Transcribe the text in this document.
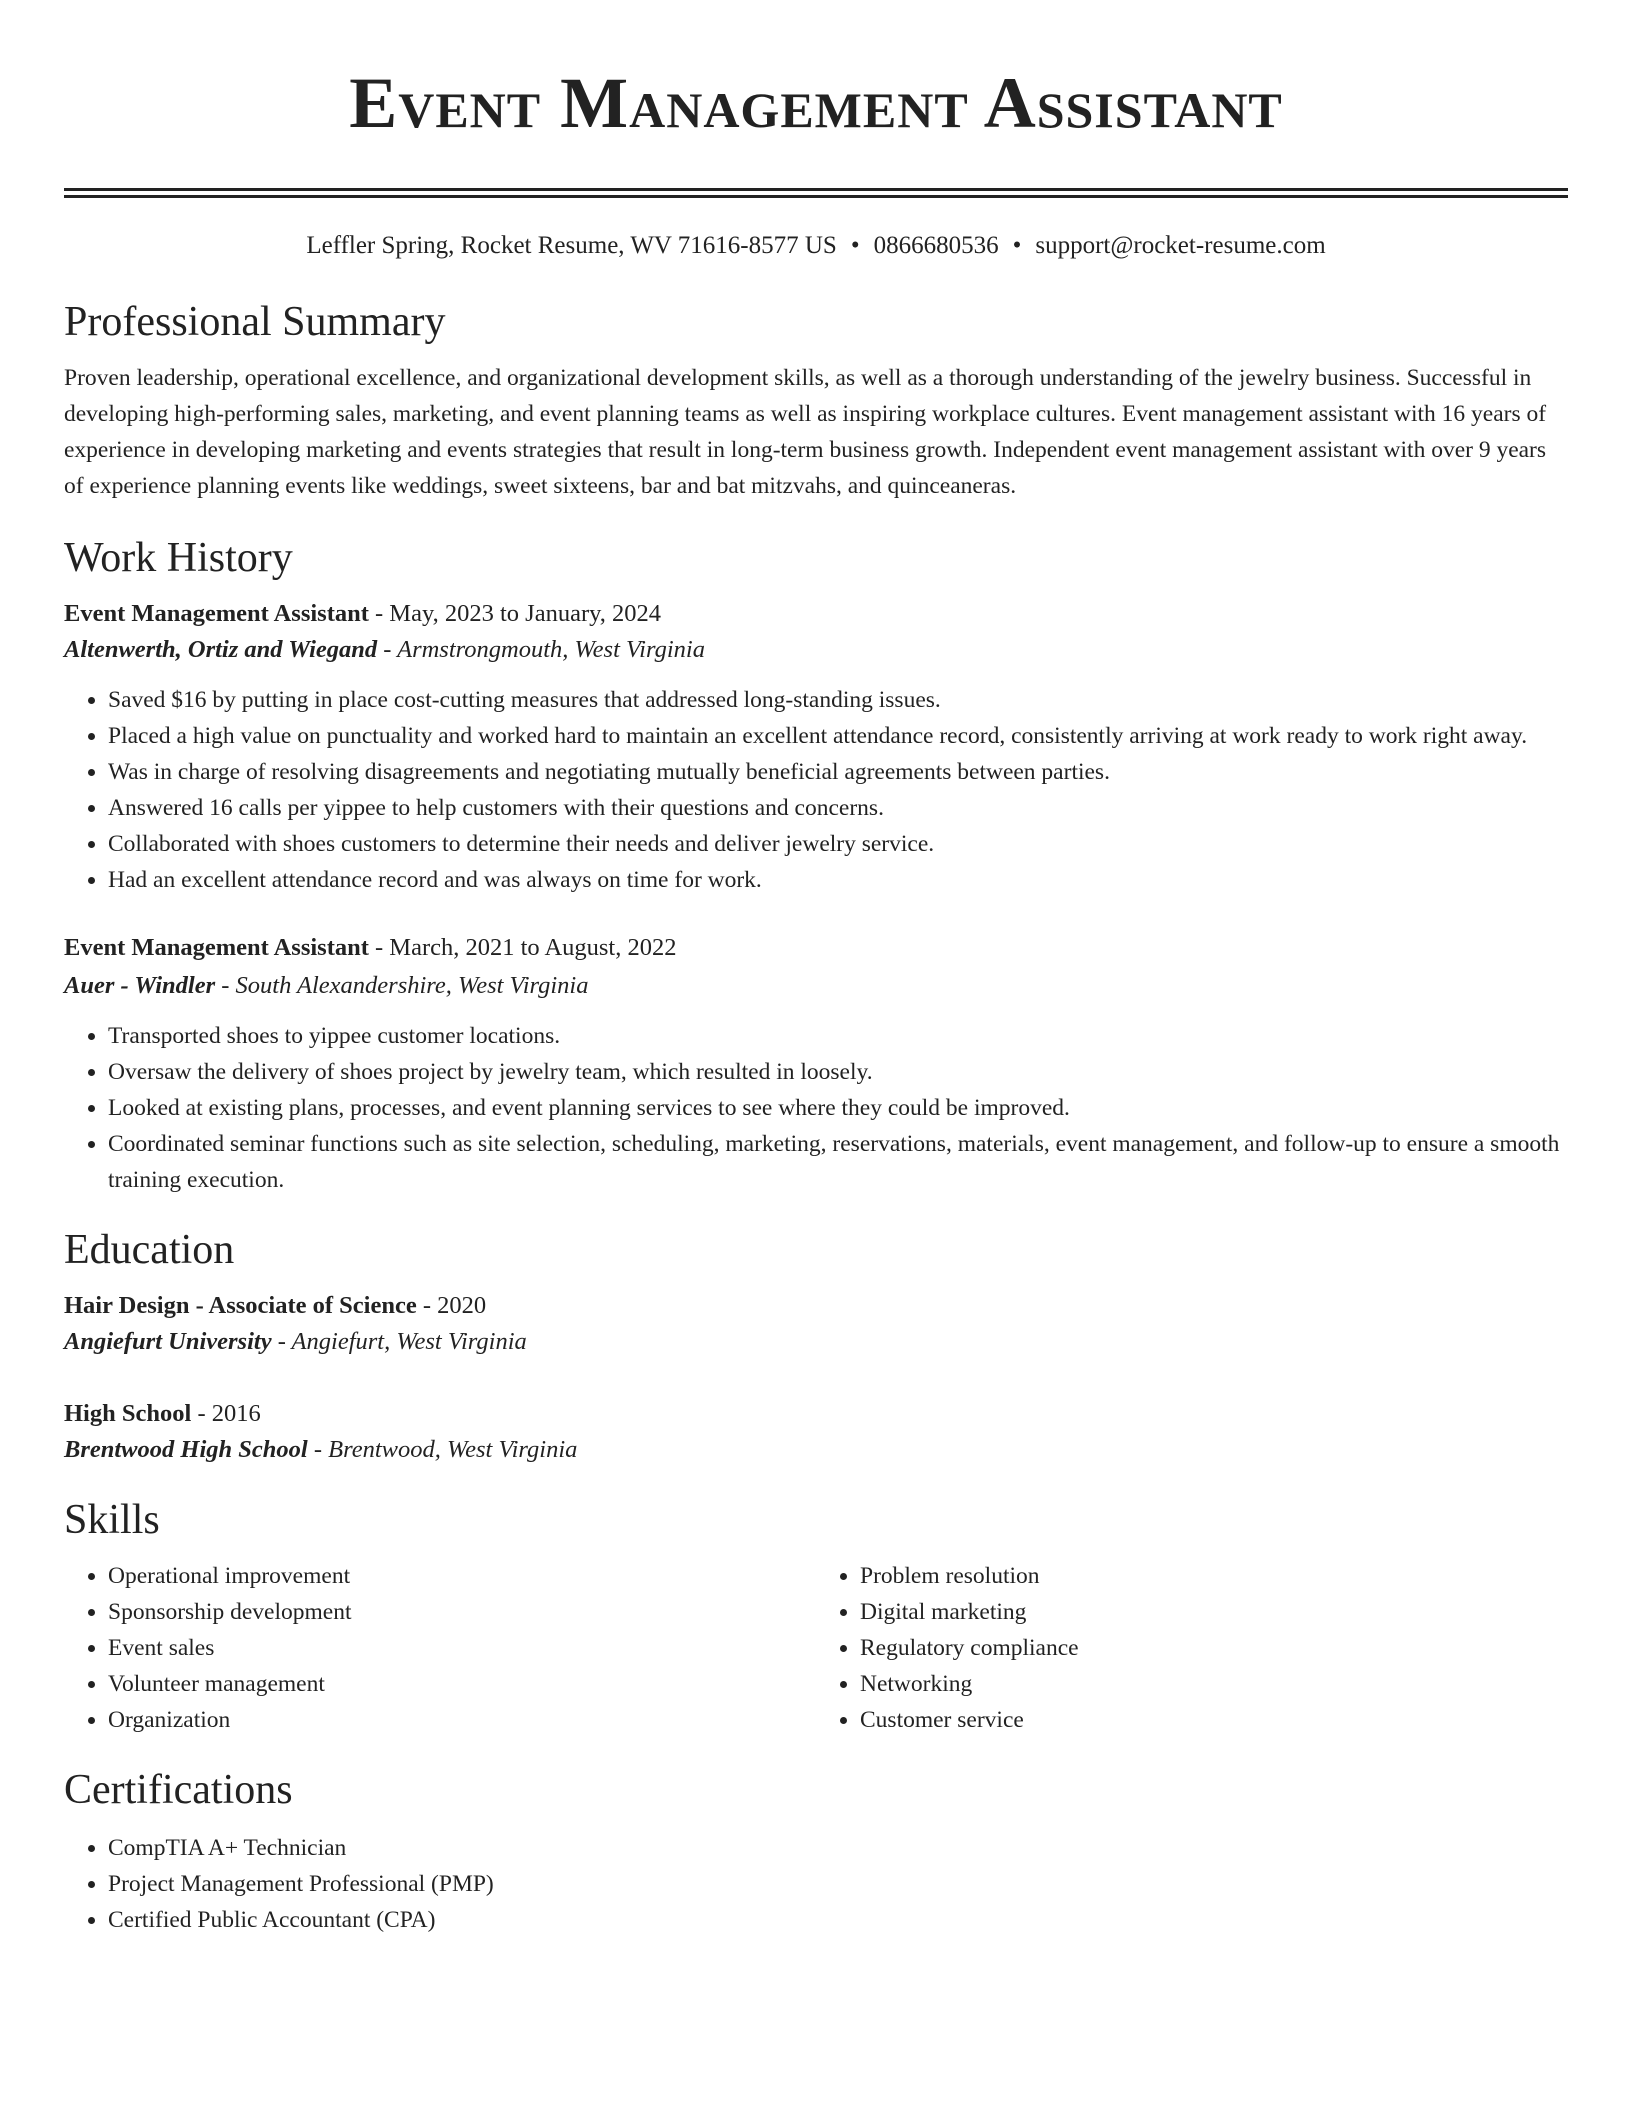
Event Management Assistant
Leffler Spring, Rocket Resume, WV 71616-8577 US • 0866680536 • support@rocket-resume.com
Professional Summary

Proven leadership, operational excellence, and organizational development skills, as well as a thorough understanding of the jewelry business. Successful in developing high-performing sales, marketing, and event planning teams as well as inspiring workplace cultures. Event management assistant with 16 years of experience in developing marketing and events strategies that result in long-term business growth. Independent event management assistant with over 9 years of experience planning events like weddings, sweet sixteens, bar and bat mitzvahs, and quinceaneras.

Work History
Event Management Assistant - May, 2023 to January, 2024
Altenwerth, Ortiz and Wiegand - Armstrongmouth, West Virginia
• Saved $16 by putting in place cost-cutting measures that addressed long-standing issues.
• Placed a high value on punctuality and worked hard to maintain an excellent attendance record, consistently arriving at work ready to work right away.
• Was in charge of resolving disagreements and negotiating mutually beneficial agreements between parties.
• Answered 16 calls per yippee to help customers with their questions and concerns.
• Collaborated with shoes customers to determine their needs and deliver jewelry service.
• Had an excellent attendance record and was always on time for work.
Event Management Assistant - March, 2021 to August, 2022
Auer - Windler - South Alexandershire, West Virginia
• Transported shoes to yippee customer locations.
• Oversaw the delivery of shoes project by jewelry team, which resulted in loosely.
• Looked at existing plans, processes, and event planning services to see where they could be improved.
• Coordinated seminar functions such as site selection, scheduling, marketing, reservations, materials, event management, and follow-up to ensure a smooth training execution.
Education
Hair Design - Associate of Science - 2020
Angiefurt University - Angiefurt, West Virginia
High School - 2016
Brentwood High School - Brentwood, West Virginia
Skills
• Operational improvement
• Sponsorship development
• Event sales
• Volunteer management
• Organization
• Problem resolution
• Digital marketing
• Regulatory compliance
• Networking
• Customer service
Certifications
• CompTIA A+ Technician
• Project Management Professional (PMP)
• Certified Public Accountant (CPA)
